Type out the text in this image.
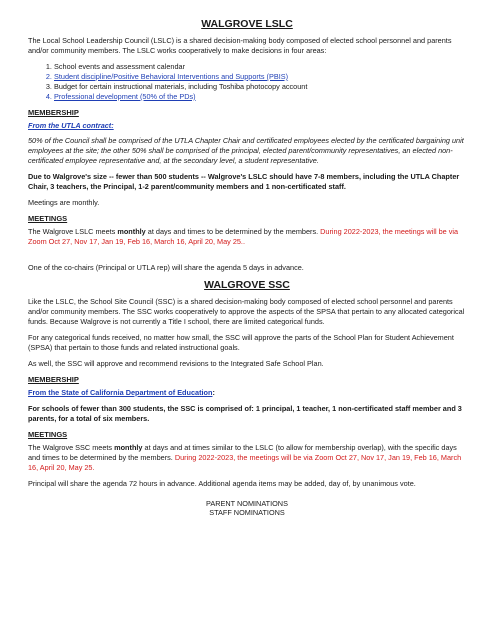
WALGROVE LSLC

The Local School Leadership Council (LSLC) is a shared decision-making body composed of elected school personnel and parents and/or community members. The LSLC works cooperatively to make decisions in four areas:

1. School events and assessment calendar
2. Student discipline/Positive Behavioral Interventions and Supports (PBIS)
3. Budget for certain instructional materials, including Toshiba photocopy account
4. Professional development (50% of the PDs)
MEMBERSHIP
From the UTLA contract:

50% of the Council shall be comprised of the UTLA Chapter Chair and certificated employees elected by the certificated bargaining unit employees at the site; the other 50% shall be comprised of the principal, elected parent/community representatives, an elected non-certificated employee representative and, at the secondary level, a student representative.

Due to Walgrove's size -- fewer than 500 students -- Walgrove's LSLC should have 7-8 members, including the UTLA Chapter Chair, 3 teachers, the Principal, 1-2 parent/community members and 1 non-certificated staff.

Meetings are monthly.

MEETINGS

The Walgrove LSLC meets monthly at days and times to be determined by the members. During 2022-2023, the meetings will be via Zoom Oct 27, Nov 17, Jan 19, Feb 16, March 16, April 20, May 25..

One of the co-chairs (Principal or UTLA rep) will share the agenda 5 days in advance.

WALGROVE SSC

Like the LSLC, the School Site Council (SSC) is a shared decision-making body composed of elected school personnel and parents and/or community members. The SSC works cooperatively to approve the aspects of the SPSA that pertain to any allocated categorical funds. Because Walgrove is not currently a Title I school, there are limited categorical funds.

For any categorical funds received, no matter how small, the SSC will approve the parts of the School Plan for Student Achievement (SPSA) that pertain to those funds and related instructional goals.

As well, the SSC will approve and recommend revisions to the Integrated Safe School Plan.

MEMBERSHIP

From the State of California Department of Education:

For schools of fewer than 300 students, the SSC is comprised of: 1 principal, 1 teacher, 1 non-certificated staff member and 3 parents, for a total of six members.

MEETINGS

The Walgrove SSC meets monthly at days and at times similar to the LSLC (to allow for membership overlap), with the specific days and times to be determined by the members. During 2022-2023, the meetings will be via Zoom Oct 27, Nov 17, Jan 19, Feb 16, March 16, April 20, May 25.

Principal will share the agenda 72 hours in advance. Additional agenda items may be added, day of, by unanimous vote.

PARENT NOMINATIONS
STAFF NOMINATIONS
